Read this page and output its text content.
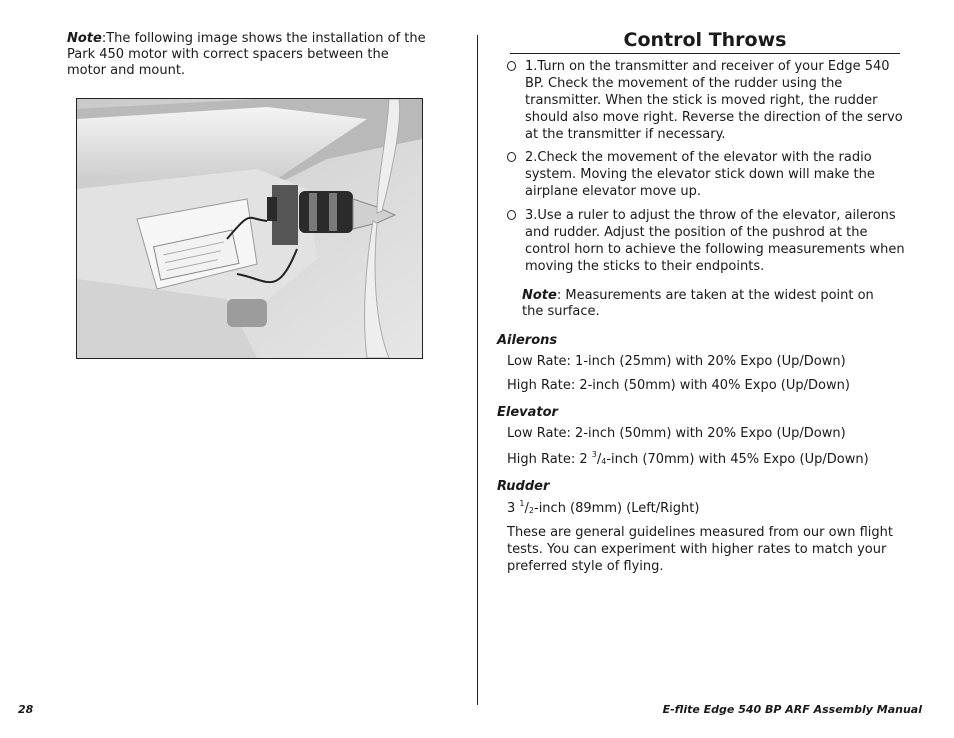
Note:The following image shows the installation of the Park 450 motor with correct spacers between the motor and mount.
Control Throws
1.Turn on the transmitter and receiver of your Edge 540 BP. Check the movement of the rudder using the transmitter. When the stick is moved right, the rudder should also move right. Reverse the direction of the servo at the transmitter if necessary.
2.Check the movement of the elevator with the radio system. Moving the elevator stick down will make the airplane elevator move up.
3.Use a ruler to adjust the throw of the elevator, ailerons and rudder. Adjust the position of the pushrod at the control horn to achieve the following measurements when moving the sticks to their endpoints.
Note: Measurements are taken at the widest point on the surface.
Ailerons
Low Rate: 1-inch (25mm) with 20% Expo (Up/Down)
High Rate: 2-inch (50mm) with 40% Expo (Up/Down)
Elevator
Low Rate: 2-inch (50mm) with 20% Expo (Up/Down)
High Rate: 2 $^3/_4$-inch (70mm) with 45% Expo (Up/Down)
Rudder
3 $^1/_2$-inch (89mm) (Left/Right)
These are general guidelines measured from our own flight tests. You can experiment with higher rates to match your preferred style of flying.
28	E-flite Edge 540 BP ARF Assembly Manual
